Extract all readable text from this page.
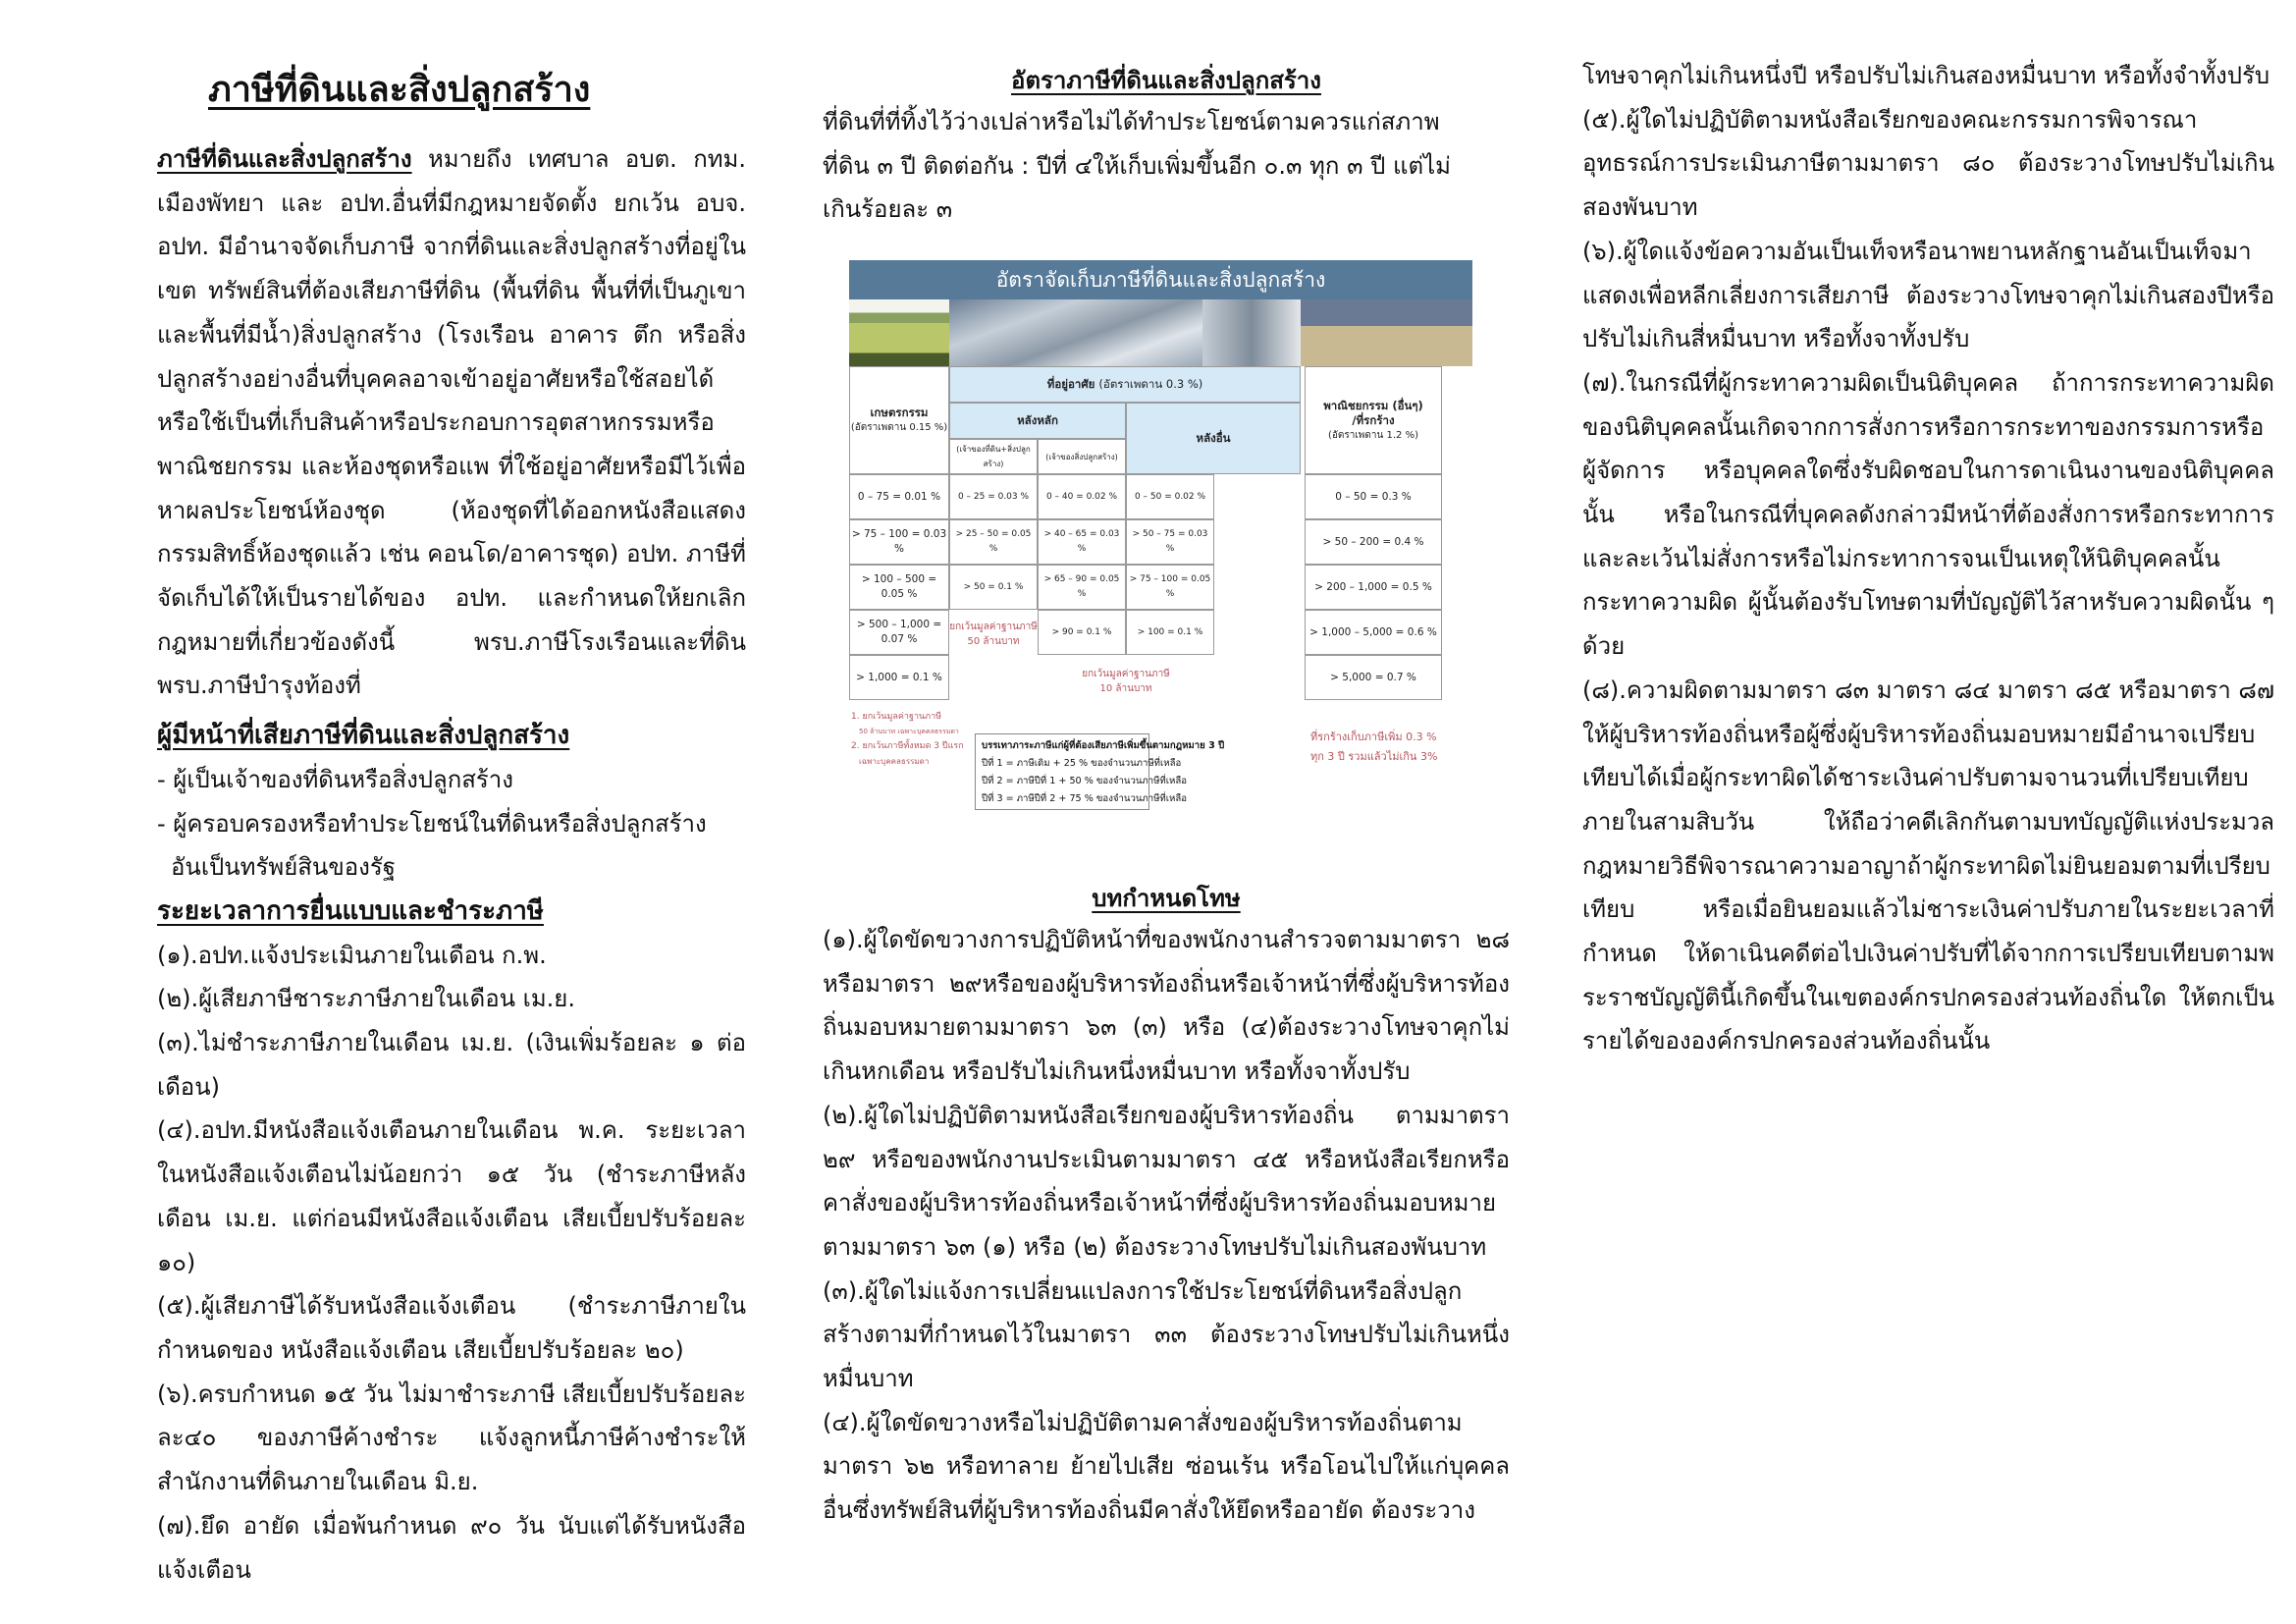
ภาษีที่ดินและสิ่งปลูกสร้าง

ภาษีที่ดินและสิ่งปลูกสร้าง หมายถึง เทศบาล อบต. กทม. เมืองพัทยา และ อปท.อื่นที่มีกฎหมายจัดตั้ง ยกเว้น อบจ. อปท. มีอำนาจจัดเก็บภาษี จากที่ดินและสิ่งปลูกสร้างที่อยู่ในเขต ทรัพย์สินที่ต้องเสียภาษีที่ดิน (พื้นที่ดิน พื้นที่ที่เป็นภูเขาและพื้นที่มีน้ำ)สิ่งปลูกสร้าง (โรงเรือน อาคาร ตึก หรือสิ่งปลูกสร้างอย่างอื่นที่บุคคลอาจเข้าอยู่อาศัยหรือใช้สอยได้ หรือใช้เป็นที่เก็บสินค้าหรือประกอบการอุตสาหกรรมหรือพาณิชยกรรม และห้องชุดหรือแพ ที่ใช้อยู่อาศัยหรือมีไว้เพื่อหาผลประโยชน์ห้องชุด (ห้องชุดที่ได้ออกหนังสือแสดงกรรมสิทธิ์ห้องชุดแล้ว เช่น คอนโด/อาคารชุด) อปท. ภาษีที่จัดเก็บได้ให้เป็นรายได้ของ อปท. และกำหนดให้ยกเลิกกฎหมายที่เกี่ยวข้องดังนี้ พรบ.ภาษีโรงเรือนและที่ดิน พรบ.ภาษีบำรุงท้องที่

ผู้มีหน้าที่เสียภาษีที่ดินและสิ่งปลูกสร้าง

- ผู้เป็นเจ้าของที่ดินหรือสิ่งปลูกสร้าง

- ผู้ครอบครองหรือทำประโยชน์ในที่ดินหรือสิ่งปลูกสร้าง

อันเป็นทรัพย์สินของรัฐ

ระยะเวลาการยื่นแบบและชำระภาษี

(๑).อปท.แจ้งประเมินภายในเดือน ก.พ.

(๒).ผู้เสียภาษีชาระภาษีภายในเดือน เม.ย.

(๓).ไม่ชำระภาษีภายในเดือน เม.ย. (เงินเพิ่มร้อยละ ๑ ต่อเดือน)

(๔).อปท.มีหนังสือแจ้งเตือนภายในเดือน พ.ค. ระยะเวลาในหนังสือแจ้งเตือนไม่น้อยกว่า ๑๕ วัน (ชำระภาษีหลังเดือน เม.ย. แต่ก่อนมีหนังสือแจ้งเตือน เสียเบี้ยปรับร้อยละ ๑๐)

(๕).ผู้เสียภาษีได้รับหนังสือแจ้งเตือน (ชำระภาษีภายในกำหนดของ หนังสือแจ้งเตือน เสียเบี้ยปรับร้อยละ ๒๐)

(๖).ครบกำหนด ๑๕ วัน ไม่มาชำระภาษี เสียเบี้ยปรับร้อยละละ๔๐ ของภาษีค้างชำระ แจ้งลูกหนี้ภาษีค้างชำระให้สำนักงานที่ดินภายในเดือน มิ.ย.

(๗).ยึด อายัด เมื่อพ้นกำหนด ๙๐ วัน นับแต่ได้รับหนังสือแจ้งเตือน

อัตราภาษีที่ดินและสิ่งปลูกสร้าง

ที่ดินที่ที่ทิ้งไว้ว่างเปล่าหรือไม่ได้ทำประโยชน์ตามควรแก่สภาพที่ดิน ๓ ปี ติดต่อกัน : ปีที่ ๔ให้เก็บเพิ่มขึ้นอีก ๐.๓ ทุก ๓ ปี แต่ไม่เกินร้อยละ ๓

อัตราจัดเก็บภาษีที่ดินและสิ่งปลูกสร้าง
เกษตรกรรม
(อัตราเพดาน 0.15 %)
ที่อยู่อาศัย
(อัตราเพดาน 0.3 %)
หลังหลัก
หลังอื่น
(เจ้าของที่ดิน+สิ่งปลูกสร้าง)
(เจ้าของสิ่งปลูกสร้าง)
พาณิชยกรรม (อื่นๆ)
/ที่รกร้าง
(อัตราเพดาน 1.2 %)
0 – 75 = 0.01 %
> 75 – 100 = 0.03 %
> 100 – 500 = 0.05 %
> 500 – 1,000 = 0.07 %
> 1,000 = 0.1 %
0 – 25 = 0.03 %
> 25 – 50 = 0.05 %
> 50 = 0.1 %
0 – 40 = 0.02 %
> 40 – 65 = 0.03 %
> 65 – 90 = 0.05 %
> 90 = 0.1 %
0 – 50 = 0.02 %
> 50 – 75 = 0.03 %
> 75 – 100 = 0.05 %
> 100 = 0.1 %
0 – 50 = 0.3 %
> 50 – 200 = 0.4 %
> 200 – 1,000 = 0.5 %
> 1,000 – 5,000 = 0.6 %
> 5,000 = 0.7 %
ยกเว้นมูลค่าฐานภาษี
50 ล้านบาท
ยกเว้นมูลค่าฐานภาษี
10 ล้านบาท
1. ยกเว้นมูลค่าฐานภาษี
50 ล้านบาท เฉพาะบุคคลธรรมดา
2. ยกเว้นภาษีทั้งหมด 3 ปีแรก
เฉพาะบุคคลธรรมดา
บรรเทาภาระภาษีแก่ผู้ที่ต้องเสียภาษีเพิ่มขึ้นตามกฎหมาย 3 ปี
ปีที่ 1 = ภาษีเดิม + 25 % ของจำนวนภาษีที่เหลือ
ปีที่ 2 = ภาษีปีที่ 1 + 50 % ของจำนวนภาษีที่เหลือ
ปีที่ 3 = ภาษีปีที่ 2 + 75 % ของจำนวนภาษีที่เหลือ
ที่รกร้างเก็บภาษีเพิ่ม 0.3 %
ทุก 3 ปี รวมแล้วไม่เกิน 3%

บทกำหนดโทษ

(๑).ผู้ใดขัดขวางการปฏิบัติหน้าที่ของพนักงานสำรวจตามมาตรา ๒๘ หรือมาตรา ๒๙หรือของผู้บริหารท้องถิ่นหรือเจ้าหน้าที่ซึ่งผู้บริหารท้องถิ่นมอบหมายตามมาตรา ๖๓ (๓) หรือ (๔)ต้องระวางโทษจาคุกไม่เกินหกเดือน หรือปรับไม่เกินหนึ่งหมื่นบาท หรือทั้งจาทั้งปรับ

(๒).ผู้ใดไม่ปฏิบัติตามหนังสือเรียกของผู้บริหารท้องถิ่น ตามมาตรา ๒๙ หรือของพนักงานประเมินตามมาตรา ๔๕ หรือหนังสือเรียกหรือคาสั่งของผู้บริหารท้องถิ่นหรือเจ้าหน้าที่ซึ่งผู้บริหารท้องถิ่นมอบหมายตามมาตรา ๖๓ (๑) หรือ (๒) ต้องระวางโทษปรับไม่เกินสองพันบาท

(๓).ผู้ใดไม่แจ้งการเปลี่ยนแปลงการใช้ประโยชน์ที่ดินหรือสิ่งปลูกสร้างตามที่กำหนดไว้ในมาตรา ๓๓ ต้องระวางโทษปรับไม่เกินหนึ่งหมื่นบาท

(๔).ผู้ใดขัดขวางหรือไม่ปฏิบัติตามคาสั่งของผู้บริหารท้องถิ่นตามมาตรา ๖๒ หรือทาลาย ย้ายไปเสีย ซ่อนเร้น หรือโอนไปให้แก่บุคคลอื่นซึ่งทรัพย์สินที่ผู้บริหารท้องถิ่นมีคาสั่งให้ยึดหรืออายัด ต้องระวาง

โทษจาคุกไม่เกินหนึ่งปี หรือปรับไม่เกินสองหมื่นบาท หรือทั้งจำทั้งปรับ

(๕).ผู้ใดไม่ปฏิบัติตามหนังสือเรียกของคณะกรรมการพิจารณาอุทธรณ์การประเมินภาษีตามมาตรา ๘๐ ต้องระวางโทษปรับไม่เกินสองพันบาท

(๖).ผู้ใดแจ้งข้อความอันเป็นเท็จหรือนาพยานหลักฐานอันเป็นเท็จมาแสดงเพื่อหลีกเลี่ยงการเสียภาษี ต้องระวางโทษจาคุกไม่เกินสองปีหรือปรับไม่เกินสี่หมื่นบาท หรือทั้งจาทั้งปรับ

(๗).ในกรณีที่ผู้กระทาความผิดเป็นนิติบุคคล ถ้าการกระทาความผิดของนิติบุคคลนั้นเกิดจากการสั่งการหรือการกระทาของกรรมการหรือผู้จัดการ หรือบุคคลใดซึ่งรับผิดชอบในการดาเนินงานของนิติบุคคลนั้น หรือในกรณีที่บุคคลดังกล่าวมีหน้าที่ต้องสั่งการหรือกระทาการและละเว้นไม่สั่งการหรือไม่กระทาการจนเป็นเหตุให้นิติบุคคลนั้นกระทาความผิด ผู้นั้นต้องรับโทษตามที่บัญญัติไว้สาหรับความผิดนั้น ๆ ด้วย

(๘).ความผิดตามมาตรา ๘๓ มาตรา ๘๔ มาตรา ๘๕ หรือมาตรา ๘๗ ให้ผู้บริหารท้องถิ่นหรือผู้ซึ่งผู้บริหารท้องถิ่นมอบหมายมีอำนาจเปรียบเทียบได้เมื่อผู้กระทาผิดได้ชาระเงินค่าปรับตามจานวนที่เปรียบเทียบภายในสามสิบวัน ให้ถือว่าคดีเลิกกันตามบทบัญญัติแห่งประมวลกฎหมายวิธีพิจารณาความอาญาถ้าผู้กระทาผิดไม่ยินยอมตามที่เปรียบเทียบ หรือเมื่อยินยอมแล้วไม่ชาระเงินค่าปรับภายในระยะเวลาที่กำหนด ให้ดาเนินคดีต่อไปเงินค่าปรับที่ได้จากการเปรียบเทียบตามพระราชบัญญัตินี้เกิดขึ้นในเขตองค์กรปกครองส่วนท้องถิ่นใด ให้ตกเป็นรายได้ขององค์กรปกครองส่วนท้องถิ่นนั้น
